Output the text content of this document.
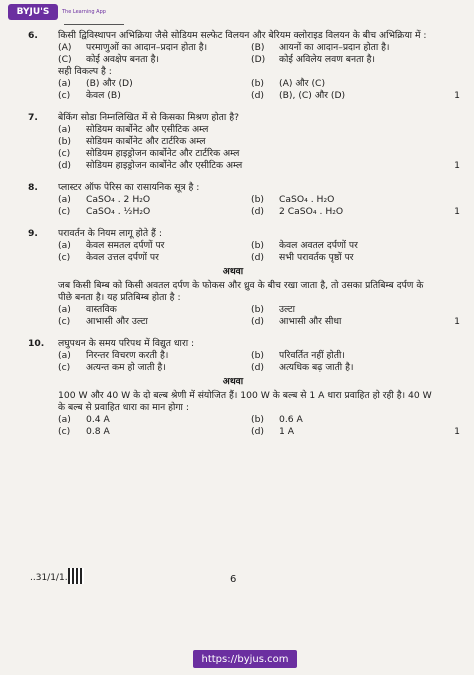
BYJU'S	The Learning App
6.	किसी द्विविस्थापन अभिक्रिया जैसे सोडियम सल्फेट विलयन और बेरियम क्लोराइड विलयन के बीच अभिक्रिया में :
(A)	परमाणुओं का आदान–प्रदान होता है।	(B)	आयनों का आदान–प्रदान होता है।
(C)	कोई अवक्षेप बनता है।	(D)	कोई अविलेय लवण बनता है।
सही विकल्प है :
(a)	(B) और (D)	(b)	(A) और (C)
(c)	केवल (B)	(d)	(B), (C) और (D)	1
7.	बेकिंग सोडा निम्नलिखित में से किसका मिश्रण होता है?
(a)	सोडियम कार्बोनेट और एसीटिक अम्ल
(b)	सोडियम कार्बोनेट और टार्टरिक अम्ल
(c)	सोडियम हाइड्रोजन कार्बोनेट और टार्टरिक अम्ल
(d)	सोडियम हाइड्रोजन कार्बोनेट और एसीटिक अम्ल	1
8.	प्लास्टर ऑफ पेरिस का रासायनिक सूत्र है :
(a)	CaSO₄ . 2 H₂O	(b)	CaSO₄ . H₂O
(c)	CaSO₄ . ½H₂O	(d)	2 CaSO₄ . H₂O	1
9.	परावर्तन के नियम लागू होते हैं :
(a)	केवल समतल दर्पणों पर	(b)	केवल अवतल दर्पणों पर
(c)	केवल उत्तल दर्पणों पर	(d)	सभी परावर्तक पृष्ठों पर
अथवा
जब किसी बिम्ब को किसी अवतल दर्पण के फोकस और ध्रुव के बीच रखा जाता है, तो उसका प्रतिबिम्ब दर्पण के पीछे बनता है। यह प्रतिबिम्ब होता है :
(a)	वास्तविक	(b)	उल्टा
(c)	आभासी और उल्टा	(d)	आभासी और सीधा	1
10.	लघुपथन के समय परिपथ में विद्युत धारा :
(a)	निरन्तर विचरण करती है।	(b)	परिवर्तित नहीं होती।
(c)	अत्यन्त कम हो जाती है।	(d)	अत्यधिक बढ़ जाती है।
अथवा
100 W और 40 W के दो बल्ब श्रेणी में संयोजित हैं। 100 W के बल्ब से 1 A धारा प्रवाहित हो रही है। 40 W के बल्ब से प्रवाहित धारा का मान होगा :
(a)	0.4 A	(b)	0.6 A
(c)	0.8 A	(d)	1 A	1
..31/1/1.	6
https://byjus.com
